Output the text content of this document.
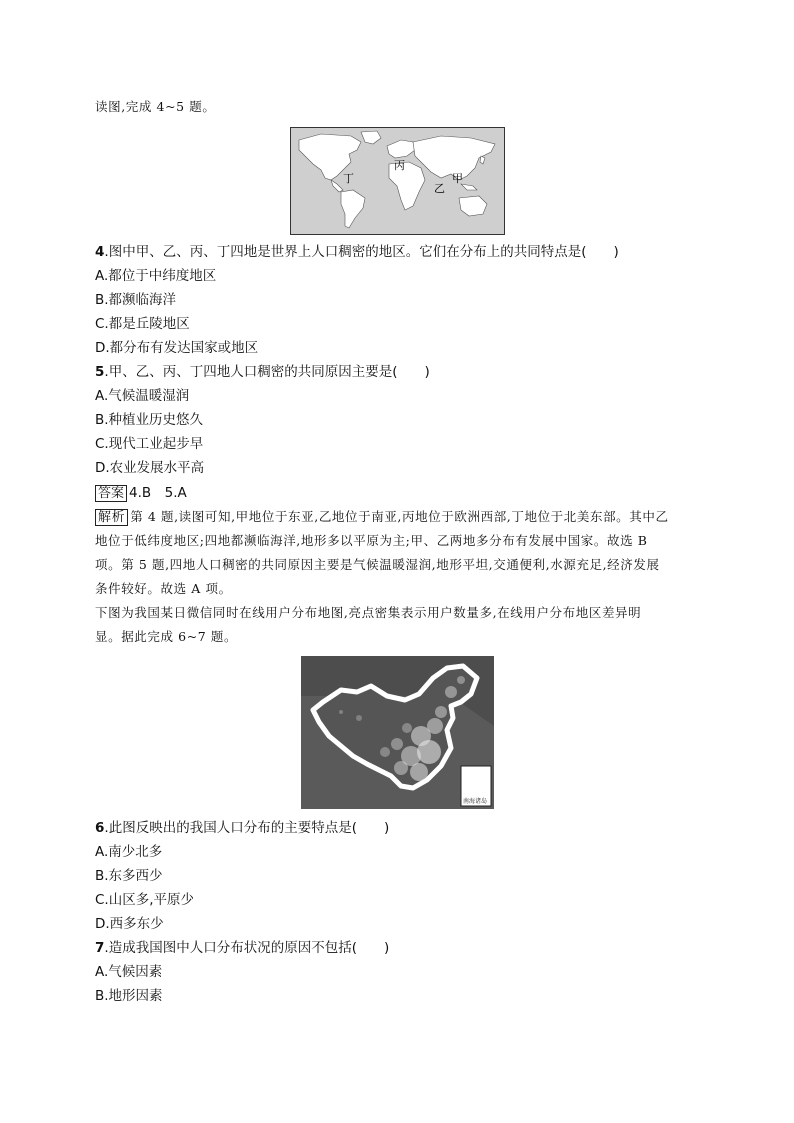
读图,完成 4~5 题。
丁
丙
乙
甲
4.图中甲、乙、丙、丁四地是世界上人口稠密的地区。它们在分布上的共同特点是(　　)
A.都位于中纬度地区
B.都濒临海洋
C.都是丘陵地区
D.都分布有发达国家或地区
5.甲、乙、丙、丁四地人口稠密的共同原因主要是(　　)
A.气候温暖湿润
B.种植业历史悠久
C.现代工业起步早
D.农业发展水平高
答案 4.B　5.A
解析 第 4 题,读图可知,甲地位于东亚,乙地位于南亚,丙地位于欧洲西部,丁地位于北美东部。其中乙
地位于低纬度地区;四地都濒临海洋,地形多以平原为主;甲、乙两地多分布有发展中国家。故选 B
项。第 5 题,四地人口稠密的共同原因主要是气候温暖湿润,地形平坦,交通便利,水源充足,经济发展
条件较好。故选 A 项。
下图为我国某日微信同时在线用户分布地图,亮点密集表示用户数量多,在线用户分布地区差异明
显。据此完成 6~7 题。
南海诸岛
6.此图反映出的我国人口分布的主要特点是(　　)
A.南少北多
B.东多西少
C.山区多,平原少
D.西多东少
7.造成我国图中人口分布状况的原因不包括(　　)
A.气候因素
B.地形因素
